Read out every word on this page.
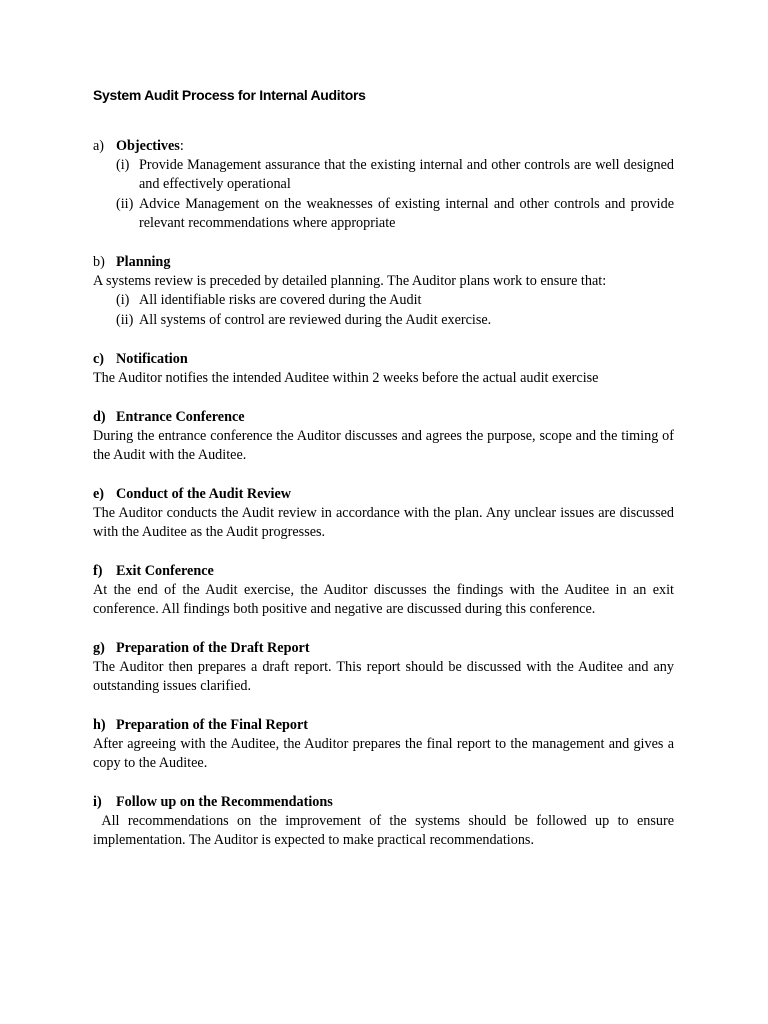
System Audit Process for Internal Auditors
a) Objectives:
(i) Provide Management assurance that the existing internal and other controls are well designed and effectively operational
(ii) Advice Management on the weaknesses of existing internal and other controls and provide relevant recommendations where appropriate
b) Planning
A systems review is preceded by detailed planning. The Auditor plans work to ensure that:
(i) All identifiable risks are covered during the Audit
(ii) All systems of control are reviewed during the Audit exercise.
c) Notification
The Auditor notifies the intended Auditee within 2 weeks before the actual audit exercise
d) Entrance Conference
During the entrance conference the Auditor discusses and agrees the purpose, scope and the timing of the Audit with the Auditee.
e) Conduct of the Audit Review
The Auditor conducts the Audit review in accordance with the plan. Any unclear issues are discussed with the Auditee as the Audit progresses.
f) Exit Conference
At the end of the Audit exercise, the Auditor discusses the findings with the Auditee in an exit conference. All findings both positive and negative are discussed during this conference.
g) Preparation of the Draft Report
The Auditor then prepares a draft report. This report should be discussed with the Auditee and any outstanding issues clarified.
h) Preparation of the Final Report
After agreeing with the Auditee, the Auditor prepares the final report to the management and gives a copy to the Auditee.
i) Follow up on the Recommendations
All recommendations on the improvement of the systems should be followed up to ensure implementation. The Auditor is expected to make practical recommendations.
